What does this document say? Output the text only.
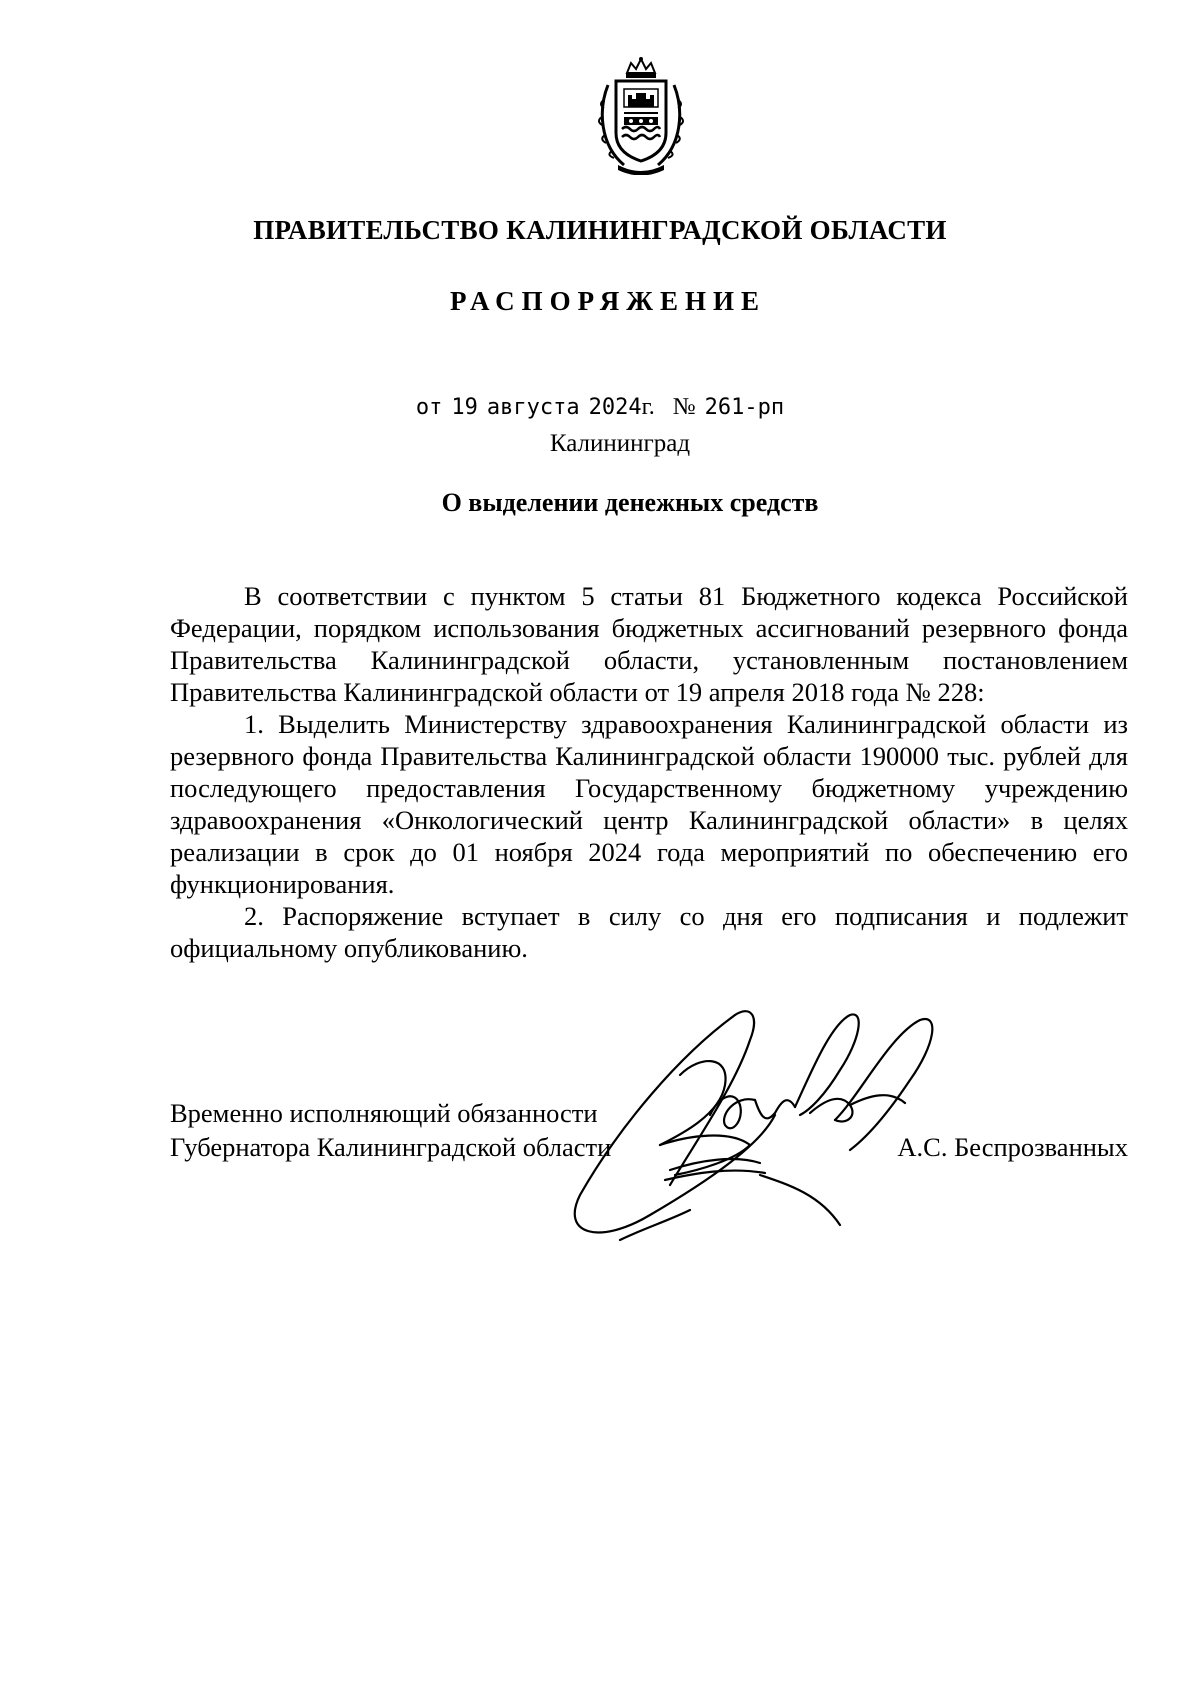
ПРАВИТЕЛЬСТВО КАЛИНИНГРАДСКОЙ ОБЛАСТИ
РАСПОРЯЖЕНИЕ
от 19 августа 2024г. № 261-рп
Калининград
О выделении денежных средств

В соответствии с пунктом 5 статьи 81 Бюджетного кодекса Российской Федерации, порядком использования бюджетных ассигнований резервного фонда Правительства Калининградской области, установленным постановлением Правительства Калининградской области от 19 апреля 2018 года № 228:

1. Выделить Министерству здравоохранения Калининградской области из резервного фонда Правительства Калининградской области 190000 тыс. рублей для последующего предоставления Государственному бюджетному учреждению здравоохранения «Онкологический центр Калининградской области» в целях реализации в срок до 01 ноября 2024 года мероприятий по обеспечению его функционирования.

2. Распоряжение вступает в силу со дня его подписания и подлежит официальному опубликованию.

Временно исполняющий обязанности
Губернатора Калининградской области	А.С. Беспрозванных
